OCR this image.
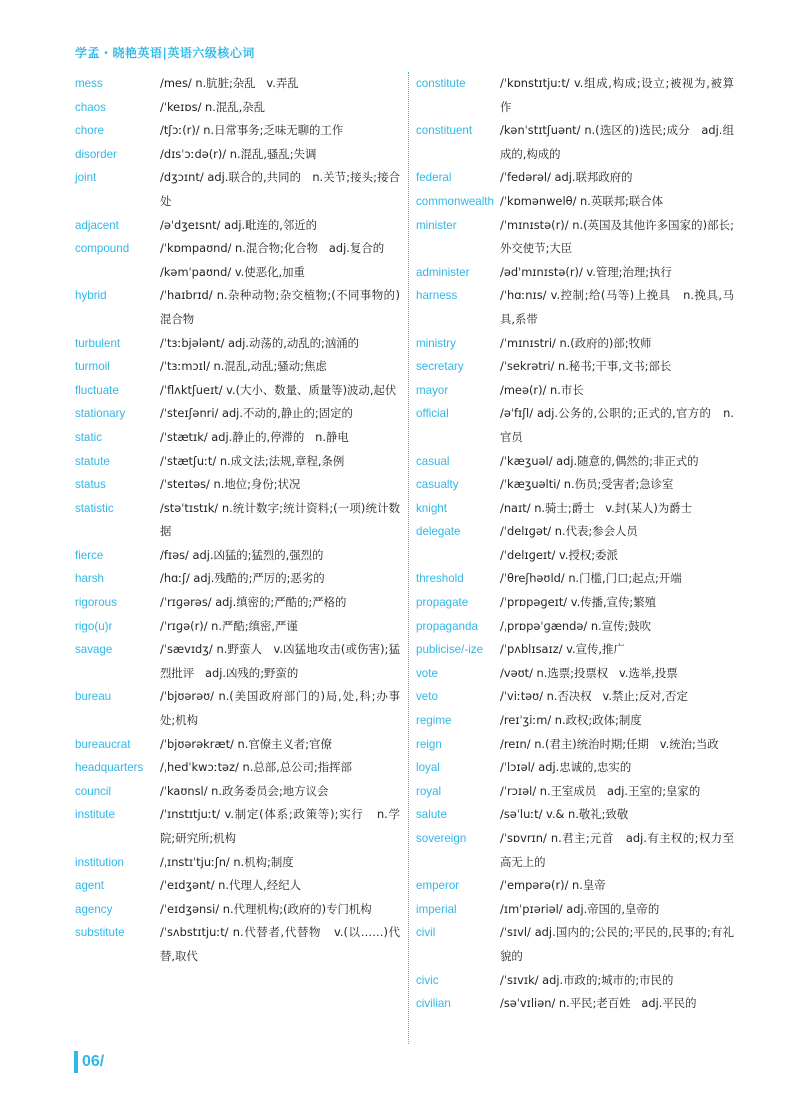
学孟・晓艳英语|英语六级核心词
mess	/mes/ n.肮脏;杂乱   v.弄乱
chaos	/ˈkeɪɒs/ n.混乱,杂乱
chore	/tʃɔː(r)/ n.日常事务;乏味无聊的工作
disorder	/dɪsˈɔːdə(r)/ n.混乱,骚乱;失调
joint	/dʒɔɪnt/ adj.联合的,共同的   n.关节;接头;接合处
adjacent	/əˈdʒeɪsnt/ adj.毗连的,邻近的
compound	/ˈkɒmpaʊnd/ n.混合物;化合物   adj.复合的
/kəmˈpaʊnd/ v.使恶化,加重
hybrid	/ˈhaɪbrɪd/ n.杂种动物;杂交植物;(不同事物的)混合物
turbulent	/ˈtɜːbjələnt/ adj.动荡的,动乱的;汹涌的
turmoil	/ˈtɜːmɔɪl/ n.混乱,动乱;骚动;焦虑
fluctuate	/ˈflʌktʃueɪt/ v.(大小、数量、质量等)波动,起伏
stationary	/ˈsteɪʃənri/ adj.不动的,静止的;固定的
static	/ˈstætɪk/ adj.静止的,停滞的   n.静电
statute	/ˈstætʃuːt/ n.成文法;法规,章程,条例
status	/ˈsteɪtəs/ n.地位;身份;状况
statistic	/stəˈtɪstɪk/ n.统计数字;统计资料;(一项)统计数据
fierce	/fɪəs/ adj.凶猛的;猛烈的,强烈的
harsh	/hɑːʃ/ adj.残酷的;严厉的;恶劣的
rigorous	/ˈrɪɡərəs/ adj.缜密的;严酷的;严格的
rigo(u)r	/ˈrɪɡə(r)/ n.严酷;缜密,严谨
savage	/ˈsævɪdʒ/ n.野蛮人   v.凶猛地攻击(或伤害);猛烈批评   adj.凶残的;野蛮的
bureau	/ˈbjʊərəʊ/ n.(美国政府部门的)局,处,科;办事处;机构
bureaucrat	/ˈbjʊərəkræt/ n.官僚主义者;官僚
headquarters	/ˌhedˈkwɔːtəz/ n.总部,总公司;指挥部
council	/ˈkaʊnsl/ n.政务委员会;地方议会
institute	/ˈɪnstɪtjuːt/ v.制定(体系;政策等);实行   n.学院;研究所;机构
institution	/ˌɪnstɪˈtjuːʃn/ n.机构;制度
agent	/ˈeɪdʒənt/ n.代理人,经纪人
agency	/ˈeɪdʒənsi/ n.代理机构;(政府的)专门机构
substitute	/ˈsʌbstɪtjuːt/ n.代替者,代替物   v.(以……)代替,取代
constitute	/ˈkɒnstɪtjuːt/ v.组成,构成;设立;被视为,被算作
constituent	/kənˈstɪtʃuənt/ n.(选区的)选民;成分   adj.组成的,构成的
federal	/ˈfedərəl/ adj.联邦政府的
commonwealth /ˈkɒmənwelθ/ n.英联邦;联合体
minister	/ˈmɪnɪstə(r)/ n.(英国及其他许多国家的)部长;外交使节;大臣
administer	/ədˈmɪnɪstə(r)/ v.管理;治理;执行
harness	/ˈhɑːnɪs/ v.控制;给(马等)上挽具   n.挽具,马具,系带
ministry	/ˈmɪnɪstri/ n.(政府的)部;牧师
secretary	/ˈsekrətri/ n.秘书;干事,文书;部长
mayor	/meə(r)/ n.市长
official	/əˈfɪʃl/ adj.公务的,公职的;正式的,官方的   n.官员
casual	/ˈkæʒuəl/ adj.随意的,偶然的;非正式的
casualty	/ˈkæʒuəlti/ n.伤员;受害者;急诊室
knight	/naɪt/ n.骑士;爵士   v.封(某人)为爵士
delegate	/ˈdelɪɡət/ n.代表;参会人员
/ˈdelɪɡeɪt/ v.授权;委派
threshold	/ˈθreʃhəʊld/ n.门槛,门口;起点;开端
propagate	/ˈprɒpəɡeɪt/ v.传播,宣传;繁殖
propaganda	/ˌprɒpəˈɡændə/ n.宣传;鼓吹
publicise/-ize	/ˈpʌblɪsaɪz/ v.宣传,推广
vote	/vəʊt/ n.选票;投票权   v.选举,投票
veto	/ˈviːtəʊ/ n.否决权   v.禁止;反对,否定
regime	/reɪˈʒiːm/ n.政权;政体;制度
reign	/reɪn/ n.(君主)统治时期;任期   v.统治;当政
loyal	/ˈlɔɪəl/ adj.忠诚的,忠实的
royal	/ˈrɔɪəl/ n.王室成员   adj.王室的;皇家的
salute	/səˈluːt/ v.& n.敬礼;致敬
sovereign	/ˈsɒvrɪn/ n.君主;元首   adj.有主权的;权力至高无上的
emperor	/ˈempərə(r)/ n.皇帝
imperial	/ɪmˈpɪəriəl/ adj.帝国的,皇帝的
civil	/ˈsɪvl/ adj.国内的;公民的;平民的,民事的;有礼貌的
civic	/ˈsɪvɪk/ adj.市政的;城市的;市民的
civilian	/səˈvɪliən/ n.平民;老百姓   adj.平民的
06/
